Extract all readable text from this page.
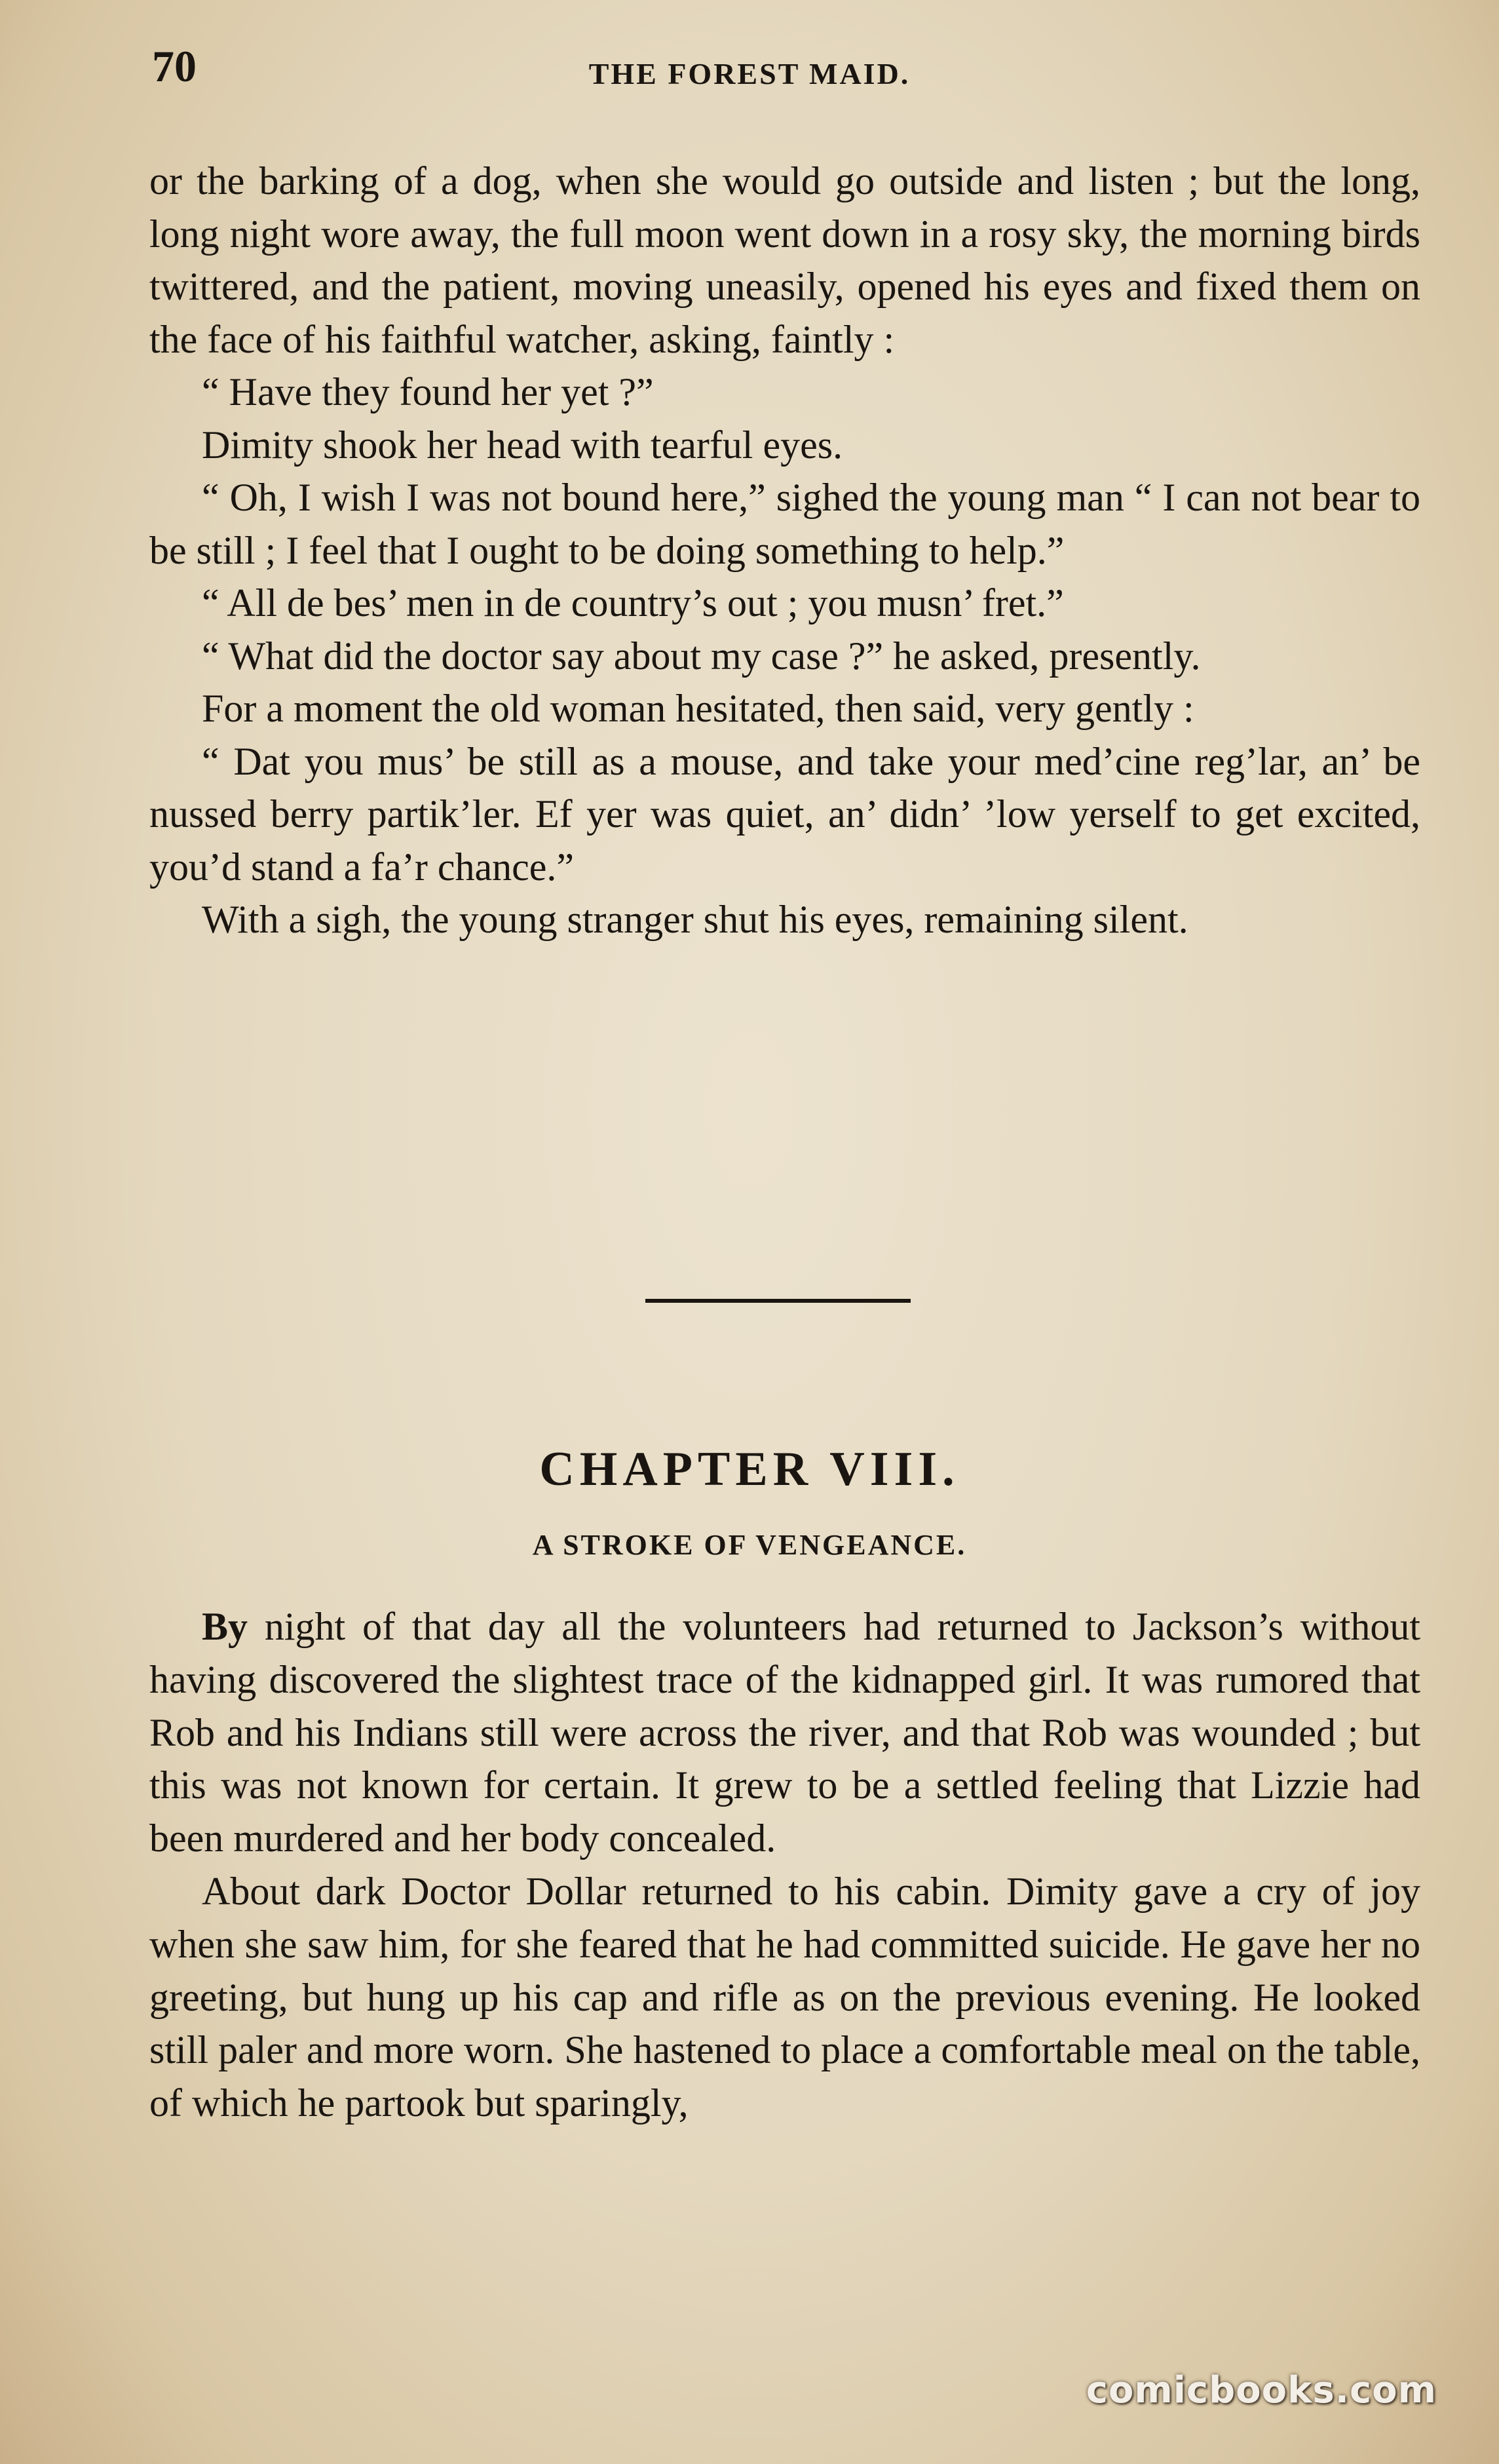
70	THE FOREST MAID.

or the barking of a dog, when she would go outside and listen ; but the long, long night wore away, the full moon went down in a rosy sky, the morning birds twittered, and the patient, moving uneasily, opened his eyes and fixed them on the face of his faithful watcher, asking, faintly :

“ Have they found her yet ?”

Dimity shook her head with tearful eyes.

“ Oh, I wish I was not bound here,” sighed the young man “ I can not bear to be still ; I feel that I ought to be doing something to help.”

“ All de bes’ men in de country’s out ; you musn’ fret.”

“ What did the doctor say about my case ?” he asked, presently.

For a moment the old woman hesitated, then said, very gently :

“ Dat you mus’ be still as a mouse, and take your med’cine reg’lar, an’ be nussed berry partik’ler. Ef yer was quiet, an’ didn’ ’low yerself to get excited, you’d stand a fa’r chance.”

With a sigh, the young stranger shut his eyes, remaining silent.

CHAPTER VIII.
A STROKE OF VENGEANCE.

By night of that day all the volunteers had returned to Jackson’s without having discovered the slightest trace of the kidnapped girl. It was rumored that Rob and his Indians still were across the river, and that Rob was wounded ; but this was not known for certain. It grew to be a settled feeling that Lizzie had been murdered and her body concealed.

About dark Doctor Dollar returned to his cabin. Dimity gave a cry of joy when she saw him, for she feared that he had committed suicide. He gave her no greeting, but hung up his cap and rifle as on the previous evening. He looked still paler and more worn. She hastened to place a comfortable meal on the table, of which he partook but sparingly,

comicbooks.com
